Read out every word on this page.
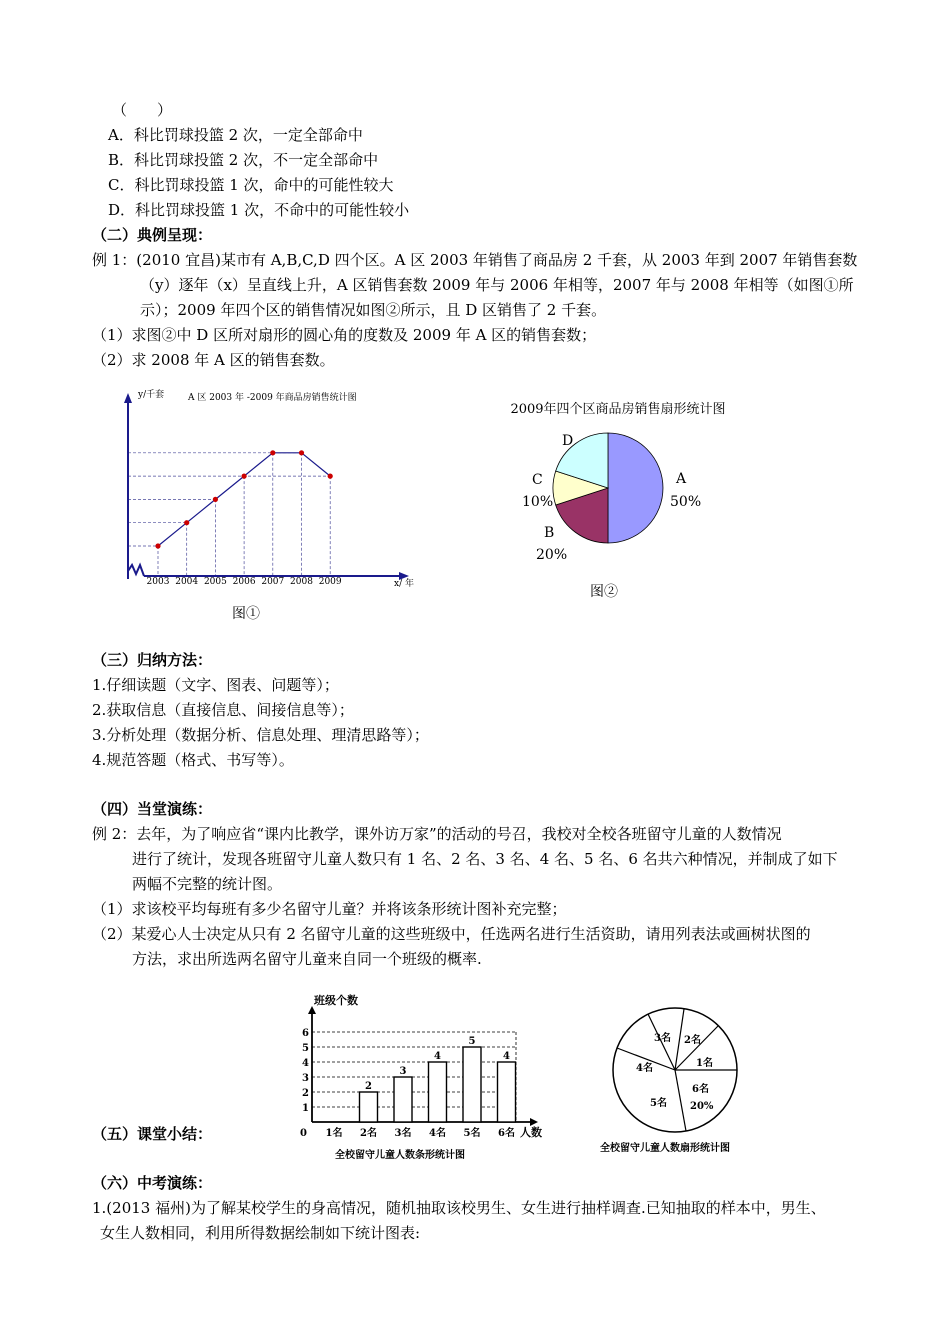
（　　）
A．科比罚球投篮 2 次，一定全部命中
B．科比罚球投篮 2 次，不一定全部命中
C．科比罚球投篮 1 次，命中的可能性较大
D．科比罚球投篮 1 次，不命中的可能性较小
（二）典例呈现：
例 1：(2010 宜昌)某市有 A,B,C,D 四个区。A 区 2003 年销售了商品房 2 千套，从 2003 年到 2007 年销售套数
（y）逐年（x）呈直线上升，A 区销售套数 2009 年与 2006 年相等，2007 年与 2008 年相等（如图①所
示）；2009 年四个区的销售情况如图②所示，且 D 区销售了 2 千套。
（1）求图②中 D 区所对扇形的圆心角的度数及 2009 年 A 区的销售套数；
（2）求 2008 年 A 区的销售套数。
y/千套	A 区 2003 年 -2009 年商品房销售统计图
x/ 年
2003 2004 2005 2006 2007 2008 2009
图①
2009年四个区商品房销售扇形统计图
D
A
50%
C
10%
B
20%
图②
（三）归纳方法：
1.仔细读题（文字、图表、问题等）；
2.获取信息（直接信息、间接信息等）；
3.分析处理（数据分析、信息处理、理清思路等）；
4.规范答题（格式、书写等）。
（四）当堂演练：
例 2：去年，为了响应省“课内比教学，课外访万家”的活动的号召，我校对全校各班留守儿童的人数情况
进行了统计，发现各班留守儿童人数只有 1 名、2 名、3 名、4 名、5 名、6 名共六种情况，并制成了如下
两幅不完整的统计图。
（1）求该校平均每班有多少名留守儿童？并将该条形统计图补充完整；
（2）某爱心人士决定从只有 2 名留守儿童的这些班级中，任选两名进行生活资助，请用列表法或画树状图的
方法，求出所选两名留守儿童来自同一个班级的概率.
班级个数
0
1
2
3
4
5
6
2
3
4
5
4
1名 2名 3名 4名 5名 6名 人数
全校留守儿童人数条形统计图
3名 2名
1名
4名
6名
20%
5名
全校留守儿童人数扇形统计图
（五）课堂小结：
（六）中考演练：
1.(2013 福州)为了解某校学生的身高情况，随机抽取该校男生、女生进行抽样调查.已知抽取的样本中，男生、
女生人数相同，利用所得数据绘制如下统计图表:
